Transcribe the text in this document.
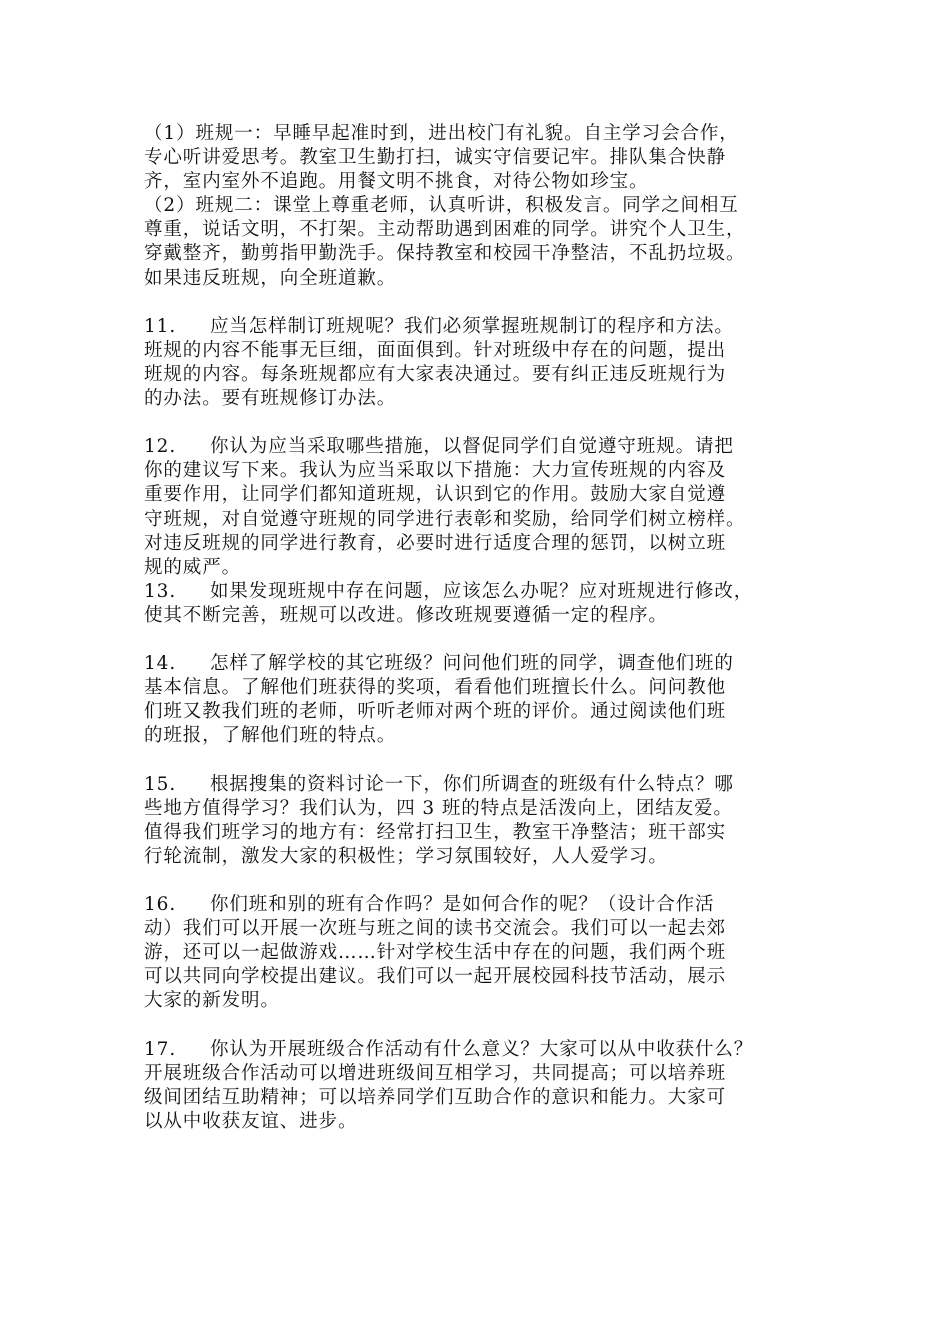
（1）班规一：早睡早起准时到，进出校门有礼貌。自主学习会合作，
专心听讲爱思考。教室卫生勤打扫，诚实守信要记牢。排队集合快静
齐，室内室外不追跑。用餐文明不挑食，对待公物如珍宝。
（2）班规二：课堂上尊重老师，认真听讲，积极发言。同学之间相互
尊重，说话文明，不打架。主动帮助遇到困难的同学。讲究个人卫生，
穿戴整齐，勤剪指甲勤洗手。保持教室和校园干净整洁，不乱扔垃圾。
如果违反班规，向全班道歉。
11. 应当怎样制订班规呢？我们必须掌握班规制订的程序和方法。
班规的内容不能事无巨细，面面俱到。针对班级中存在的问题，提出
班规的内容。每条班规都应有大家表决通过。要有纠正违反班规行为
的办法。要有班规修订办法。
12. 你认为应当采取哪些措施，以督促同学们自觉遵守班规。请把
你的建议写下来。我认为应当采取以下措施：大力宣传班规的内容及
重要作用，让同学们都知道班规，认识到它的作用。鼓励大家自觉遵
守班规，对自觉遵守班规的同学进行表彰和奖励，给同学们树立榜样。
对违反班规的同学进行教育，必要时进行适度合理的惩罚，以树立班
规的威严。
13. 如果发现班规中存在问题，应该怎么办呢？应对班规进行修改，
使其不断完善，班规可以改进。修改班规要遵循一定的程序。
14. 怎样了解学校的其它班级？问问他们班的同学，调查他们班的
基本信息。了解他们班获得的奖项，看看他们班擅长什么。问问教他
们班又教我们班的老师，听听老师对两个班的评价。通过阅读他们班
的班报，了解他们班的特点。
15. 根据搜集的资料讨论一下，你们所调查的班级有什么特点？哪
些地方值得学习？我们认为，四 3 班的特点是活泼向上，团结友爱。
值得我们班学习的地方有：经常打扫卫生，教室干净整洁；班干部实
行轮流制，激发大家的积极性；学习氛围较好，人人爱学习。
16. 你们班和别的班有合作吗？是如何合作的呢？（设计合作活
动）我们可以开展一次班与班之间的读书交流会。我们可以一起去郊
游，还可以一起做游戏……针对学校生活中存在的问题，我们两个班
可以共同向学校提出建议。我们可以一起开展校园科技节活动，展示
大家的新发明。
17. 你认为开展班级合作活动有什么意义？大家可以从中收获什么？
开展班级合作活动可以增进班级间互相学习，共同提高；可以培养班
级间团结互助精神；可以培养同学们互助合作的意识和能力。大家可
以从中收获友谊、进步。
